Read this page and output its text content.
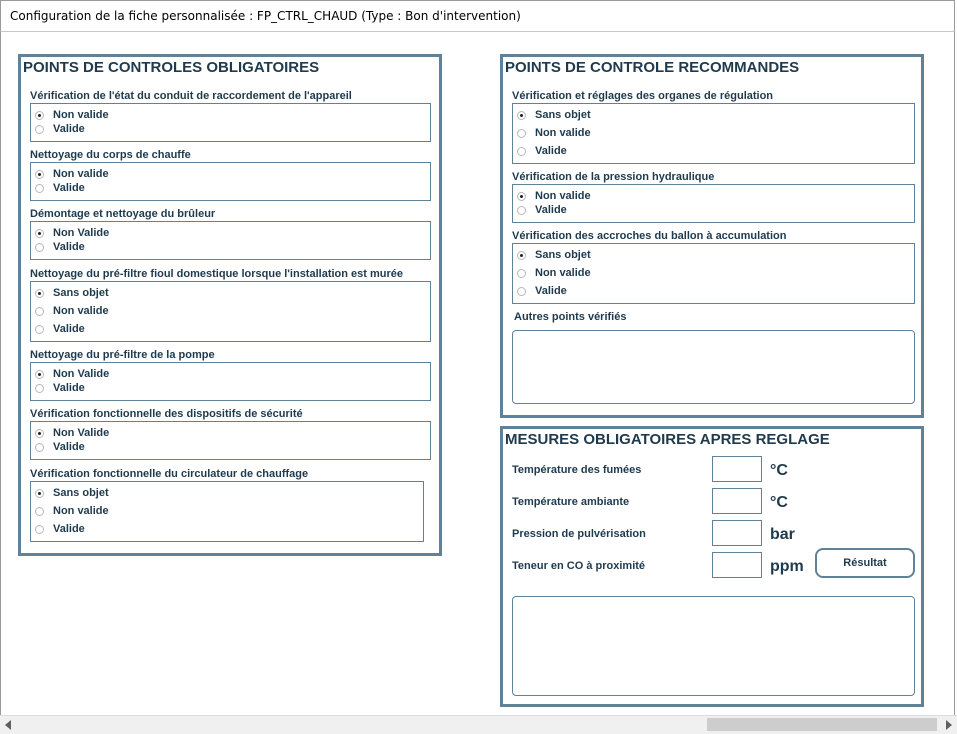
Configuration de la fiche personnalisée : FP_CTRL_CHAUD (Type : Bon d'intervention)
POINTS DE CONTROLES OBLIGATOIRES
Vérification de l'état du conduit de raccordement de l'appareil
Non valide
Valide
Nettoyage du corps de chauffe
Non valide
Valide
Démontage et nettoyage du brûleur
Non Valide
Valide
Nettoyage du pré-filtre fioul domestique lorsque l'installation est murée
Sans objet
Non valide
Valide
Nettoyage du pré-filtre de la pompe
Non Valide
Valide
Vérification fonctionnelle des dispositifs de sécurité
Non Valide
Valide
Vérification fonctionnelle du circulateur de chauffage
Sans objet
Non valide
Valide
POINTS DE CONTROLE RECOMMANDES
Vérification et réglages des organes de régulation
Sans objet
Non valide
Valide
Vérification de la pression hydraulique
Non valide
Valide
Vérification des accroches du ballon à accumulation
Sans objet
Non valide
Valide
Autres points vérifiés
MESURES OBLIGATOIRES APRES REGLAGE
Température des fumées	°C
Température ambiante	°C
Pression de pulvérisation	bar
Teneur en CO à proximité	ppm	Résultat
